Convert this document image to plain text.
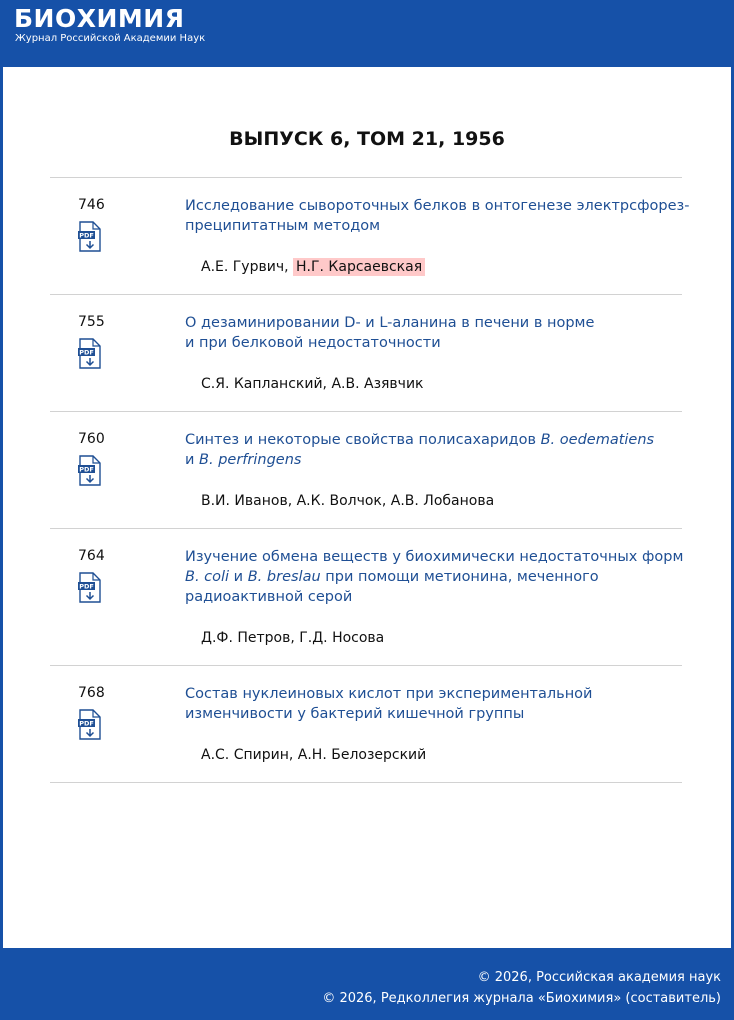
БИОХИМИЯ
Журнал Российской Академии Наук
ВЫПУСК 6, ТОМ 21, 1956
746
PDF
Исследование сывороточных белков в онтогенезе электрсфорез-
преципитатным методом
А.Е. Гурвич, Н.Г. Карсаевская
755
PDF
О дезаминировании D- и L-аланина в печени в норме
и при белковой недостаточности
С.Я. Капланский, А.В. Азявчик
760
PDF
Синтез и некоторые свойства полисахаридов B. oedematiens
и B. perfringens
В.И. Иванов, А.К. Волчок, А.В. Лобанова
764
PDF
Изучение обмена веществ у биохимически недостаточных форм
B. coli и B. breslau при помощи метионина, меченного
радиоактивной серой
Д.Ф. Петров, Г.Д. Носова
768
PDF
Состав нуклеиновых кислот при экспериментальной
изменчивости у бактерий кишечной группы
А.С. Спирин, А.Н. Белозерский
© 2026, Российская академия наук
© 2026, Редколлегия журнала «Биохимия» (составитель)
